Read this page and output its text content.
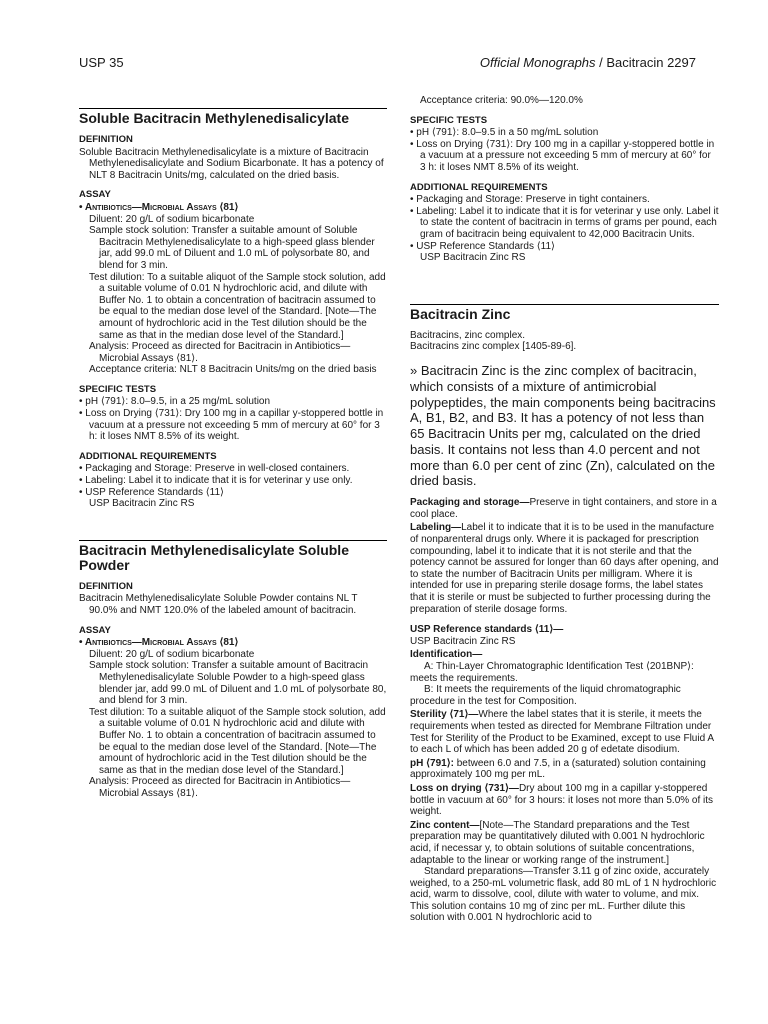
USP 35	Official Monographs / Bacitracin 2297
Soluble Bacitracin Methylenedisalicylate
DEFINITION

Soluble Bacitracin Methylenedisalicylate is a mixture of Bacitracin Methylenedisalicylate and Sodium Bicarbonate. It has a potency of NLT 8 Bacitracin Units/mg, calculated on the dried basis.

ASSAY

• Antibiotics—Microbial Assays ⟨81⟩

Diluent: 20 g/L of sodium bicarbonate

Sample stock solution: Transfer a suitable amount of Soluble Bacitracin Methylenedisalicylate to a high-speed glass blender jar, add 99.0 mL of Diluent and 1.0 mL of polysorbate 80, and blend for 3 min.

Test dilution: To a suitable aliquot of the Sample stock solution, add a suitable volume of 0.01 N hydrochloric acid, and dilute with Buffer No. 1 to obtain a concentration of bacitracin assumed to be equal to the median dose level of the Standard. [Note—The amount of hydrochloric acid in the Test dilution should be the same as that in the median dose level of the Standard.]

Analysis: Proceed as directed for Bacitracin in Antibiotics—Microbial Assays ⟨81⟩.

Acceptance criteria: NLT 8 Bacitracin Units/mg on the dried basis

SPECIFIC TESTS

• pH ⟨791⟩: 8.0–9.5, in a 25 mg/mL solution

• Loss on Drying ⟨731⟩: Dry 100 mg in a capillar y-stoppered bottle in vacuum at a pressure not exceeding 5 mm of mercury at 60° for 3 h: it loses NMT 8.5% of its weight.

ADDITIONAL REQUIREMENTS

• Packaging and Storage: Preserve in well-closed containers.

• Labeling: Label it to indicate that it is for veterinar y use only.

• USP Reference Standards ⟨11⟩

USP Bacitracin Zinc RS

Bacitracin Methylenedisalicylate Soluble Powder
DEFINITION

Bacitracin Methylenedisalicylate Soluble Powder contains NL T 90.0% and NMT 120.0% of the labeled amount of bacitracin.

ASSAY

• Antibiotics—Microbial Assays ⟨81⟩

Diluent: 20 g/L of sodium bicarbonate

Sample stock solution: Transfer a suitable amount of Bacitracin Methylenedisalicylate Soluble Powder to a high-speed glass blender jar, add 99.0 mL of Diluent and 1.0 mL of polysorbate 80, and blend for 3 min.

Test dilution: To a suitable aliquot of the Sample stock solution, add a suitable volume of 0.01 N hydrochloric acid and dilute with Buffer No. 1 to obtain a concentration of bacitracin assumed to be equal to the median dose level of the Standard. [Note—The amount of hydrochloric acid in the Test dilution should be the same as that in the median dose level of the Standard.]

Analysis: Proceed as directed for Bacitracin in Antibiotics—Microbial Assays ⟨81⟩.

Acceptance criteria: 90.0%—120.0%

SPECIFIC TESTS

• pH ⟨791⟩: 8.0–9.5 in a 50 mg/mL solution

• Loss on Drying ⟨731⟩: Dry 100 mg in a capillar y-stoppered bottle in a vacuum at a pressure not exceeding 5 mm of mercury at 60° for 3 h: it loses NMT 8.5% of its weight.

ADDITIONAL REQUIREMENTS

• Packaging and Storage: Preserve in tight containers.

• Labeling: Label it to indicate that it is for veterinar y use only. Label it to state the content of bacitracin in terms of grams per pound, each gram of bacitracin being equivalent to 42,000 Bacitracin Units.

• USP Reference Standards ⟨11⟩

USP Bacitracin Zinc RS

Bacitracin Zinc

Bacitracins, zinc complex.

Bacitracins zinc complex [1405-89-6].

» Bacitracin Zinc is the zinc complex of bacitracin, which consists of a mixture of antimicrobial polypeptides, the main components being bacitracins A, B1, B2, and B3. It has a potency of not less than 65 Bacitracin Units per mg, calculated on the dried basis. It contains not less than 4.0 percent and not more than 6.0 per cent of zinc (Zn), calculated on the dried basis.

Packaging and storage—Preserve in tight containers, and store in a cool place.

Labeling—Label it to indicate that it is to be used in the manufacture of nonparenteral drugs only. Where it is packaged for prescription compounding, label it to indicate that it is not sterile and that the potency cannot be assured for longer than 60 days after opening, and to state the number of Bacitracin Units per milligram. Where it is intended for use in preparing sterile dosage forms, the label states that it is sterile or must be subjected to further processing during the preparation of sterile dosage forms.

USP Reference standards ⟨11⟩—

USP Bacitracin Zinc RS

Identification—

A: Thin-Layer Chromatographic Identification Test ⟨201BNP⟩: meets the requirements.

B: It meets the requirements of the liquid chromatographic procedure in the test for Composition.

Sterility ⟨71⟩—Where the label states that it is sterile, it meets the requirements when tested as directed for Membrane Filtration under Test for Sterility of the Product to be Examined, except to use Fluid A to each L of which has been added 20 g of edetate disodium.

pH ⟨791⟩: between 6.0 and 7.5, in a (saturated) solution containing approximately 100 mg per mL.

Loss on drying ⟨731⟩—Dry about 100 mg in a capillar y-stoppered bottle in vacuum at 60° for 3 hours: it loses not more than 5.0% of its weight.

Zinc content—[Note—The Standard preparations and the Test preparation may be quantitatively diluted with 0.001 N hydrochloric acid, if necessar y, to obtain solutions of suitable concentrations, adaptable to the linear or working range of the instrument.]

Standard preparations—Transfer 3.11 g of zinc oxide, accurately weighed, to a 250-mL volumetric flask, add 80 mL of 1 N hydrochloric acid, warm to dissolve, cool, dilute with water to volume, and mix. This solution contains 10 mg of zinc per mL. Further dilute this solution with 0.001 N hydrochloric acid to
